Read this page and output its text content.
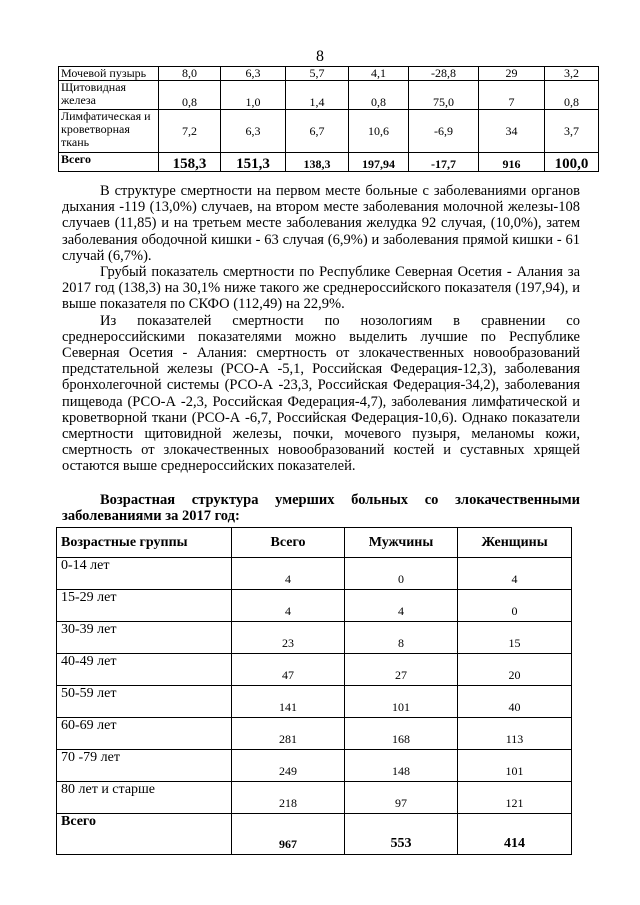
8
Мочевой пузырь	8,0	6,3	5,7	4,1	-28,8	29	3,2
Щитовидная железа	0,8	1,0	1,4	0,8	75,0	7	0,8
Лимфатическая и кроветворная ткань	7,2	6,3	6,7	10,6	-6,9	34	3,7
Всего	158,3	151,3	138,3	197,94	-17,7	916	100,0

В структуре смертности на первом месте больные с заболеваниями органов дыхания -119 (13,0%) случаев, на втором месте заболевания молочной железы-108 случаев (11,85) и на третьем месте заболевания желудка 92 случая, (10,0%), затем заболевания ободочной кишки - 63 случая (6,9%) и заболевания прямой кишки - 61 случай (6,7%).

Грубый показатель смертности по Республике Северная Осетия - Алания за 2017 год (138,3) на 30,1% ниже такого же среднероссийского показателя (197,94), и выше показателя по СКФО (112,49) на 22,9%.

Из показателей смертности по нозологиям в сравнении со среднероссийскими показателями можно выделить лучшие по Республике Северная Осетия - Алания: смертность от злокачественных новообразований предстательной железы (РСО-А -5,1, Российская Федерация-12,3), заболевания бронхолегочной системы (РСО-А -23,3, Российская Федерация-34,2), заболевания пищевода (РСО-А -2,3, Российская Федерация-4,7), заболевания лимфатической и кроветворной ткани (РСО-А -6,7, Российская Федерация-10,6). Однако показатели смертности щитовидной железы, почки, мочевого пузыря, меланомы кожи, смертность от злокачественных новообразований костей и суставных хрящей остаются выше среднероссийских показателей.

Возрастная структура умерших больных со злокачественными заболеваниями за 2017 год:

Возрастные группы	Всего	Мужчины	Женщины
0-14 лет	4	0	4
15-29 лет	4	4	0
30-39 лет	23	8	15
40-49 лет	47	27	20
50-59 лет	141	101	40
60-69 лет	281	168	113
70 -79 лет	249	148	101
80 лет и старше	218	97	121
Всего	967	553	414
